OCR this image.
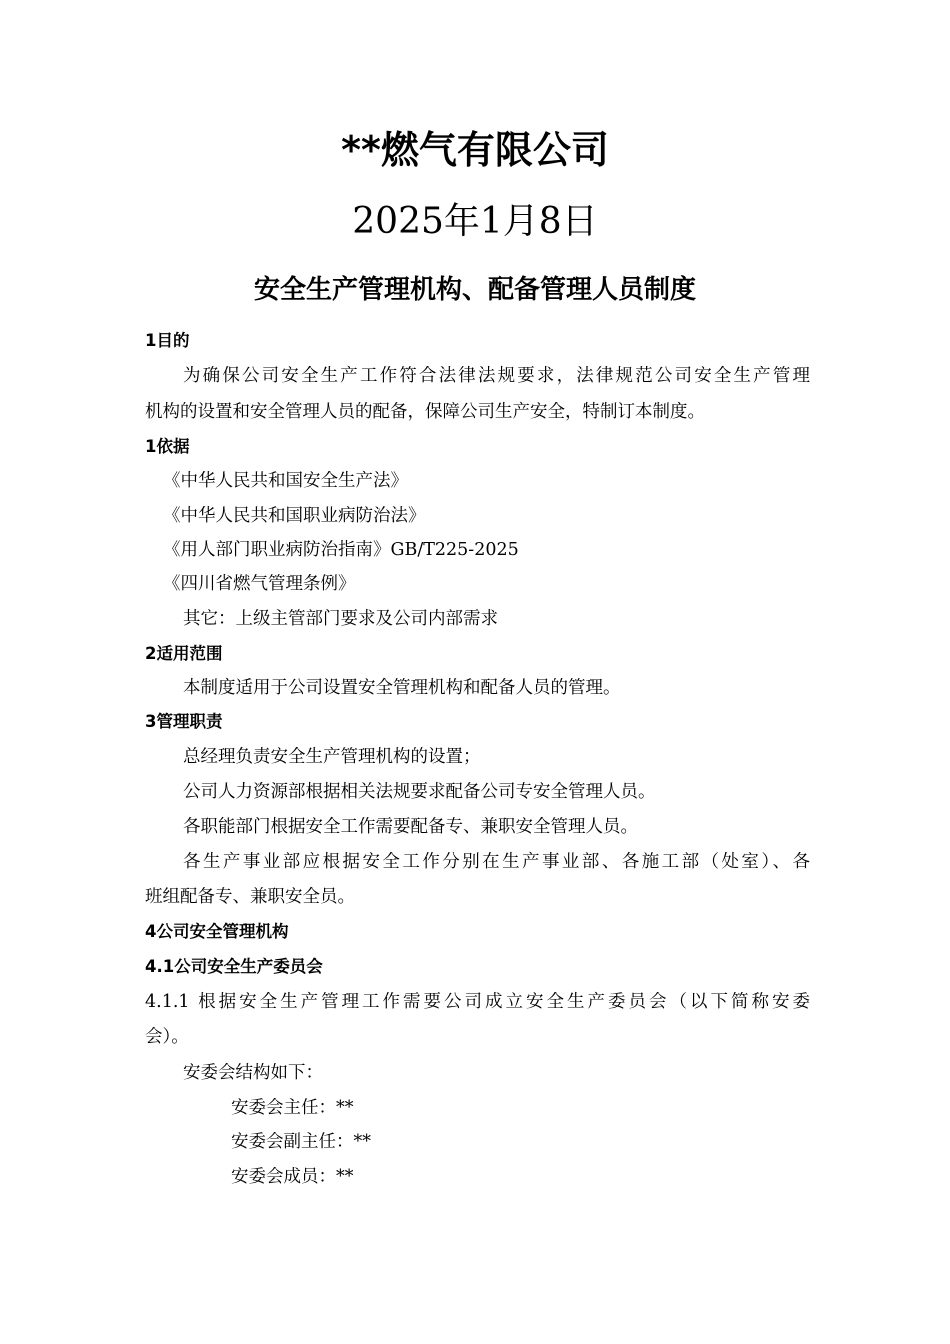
**燃气有限公司
2025年1月8日
安全生产管理机构、配备管理人员制度
1目的
为确保公司安全生产工作符合法律法规要求，法律规范公司安全生产管理
机构的设置和安全管理人员的配备，保障公司生产安全，特制订本制度。
1依据
《中华人民共和国安全生产法》
《中华人民共和国职业病防治法》
《用人部门职业病防治指南》GB/T225-2025
《四川省燃气管理条例》
其它：上级主管部门要求及公司内部需求
2适用范围
本制度适用于公司设置安全管理机构和配备人员的管理。
3管理职责
总经理负责安全生产管理机构的设置；
公司人力资源部根据相关法规要求配备公司专安全管理人员。
各职能部门根据安全工作需要配备专、兼职安全管理人员。
各生产事业部应根据安全工作分别在生产事业部、各施工部（处室）、各
班组配备专、兼职安全员。
4公司安全管理机构
4.1公司安全生产委员会
4.1.1 根据安全生产管理工作需要公司成立安全生产委员会（以下简称安委
会）。
安委会结构如下：
安委会主任：**
安委会副主任：**
安委会成员：**
